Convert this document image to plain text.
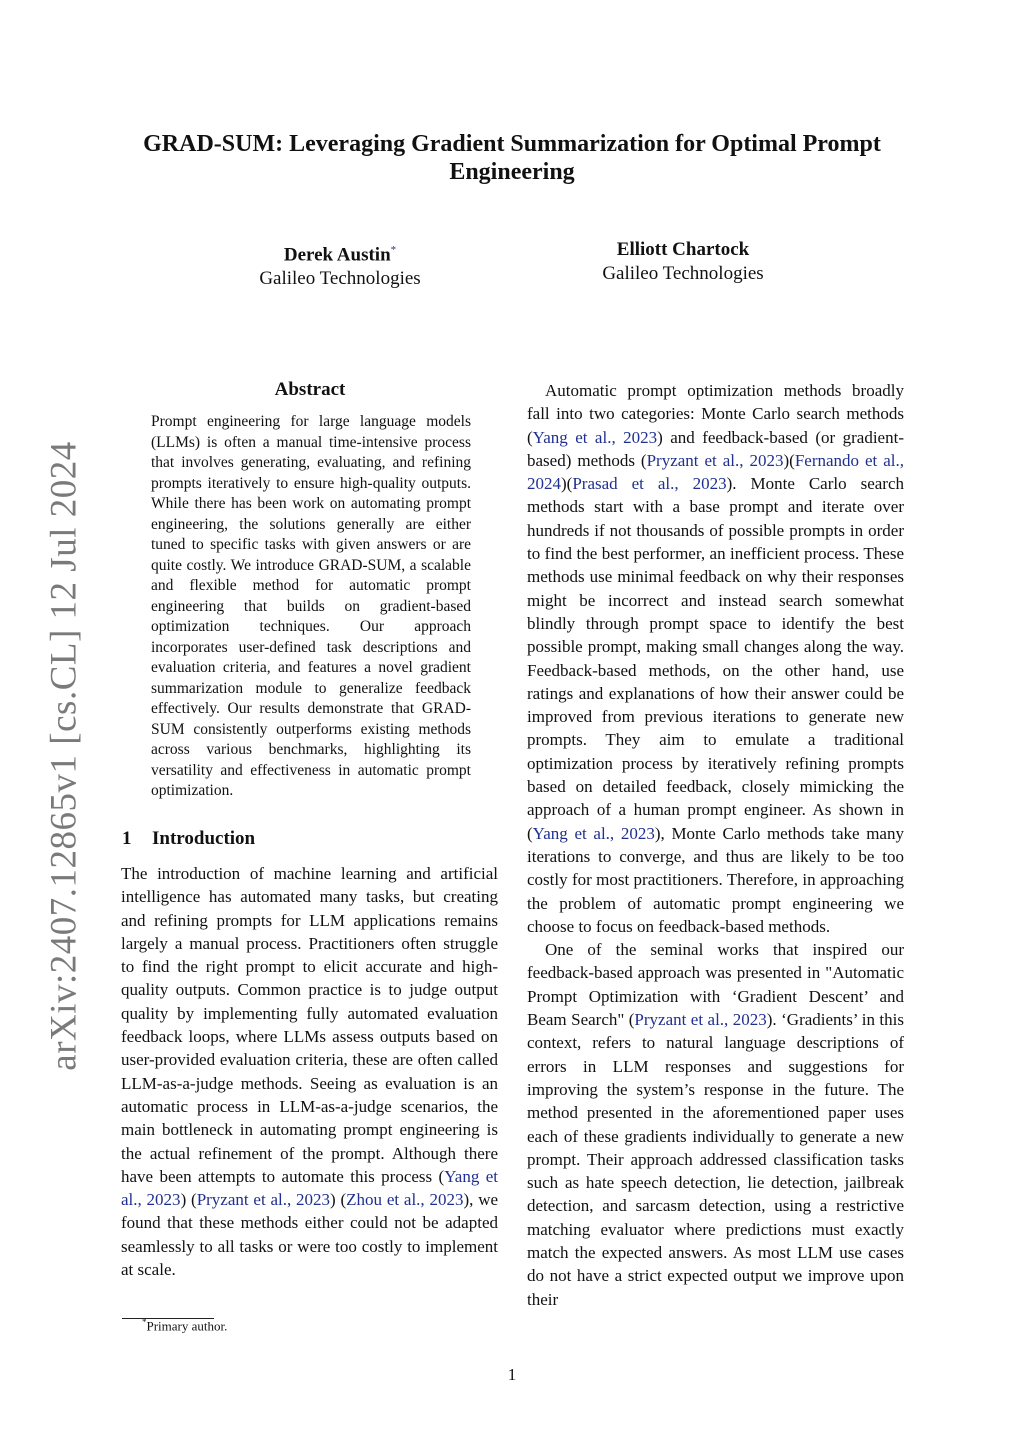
arXiv:2407.12865v1 [cs.CL] 12 Jul 2024
GRAD-SUM: Leveraging Gradient Summarization for Optimal Prompt Engineering
Derek Austin*
Galileo Technologies
Elliott Chartock
Galileo Technologies
Abstract

Prompt engineering for large language models (LLMs) is often a manual time-intensive process that involves generating, evaluating, and refining prompts iteratively to ensure high-quality outputs. While there has been work on automating prompt engineering, the solutions generally are either tuned to specific tasks with given answers or are quite costly. We introduce GRAD-SUM, a scalable and flexible method for automatic prompt engineering that builds on gradient-based optimization techniques. Our approach incorporates user-defined task descriptions and evaluation criteria, and features a novel gradient summarization module to generalize feedback effectively. Our results demonstrate that GRAD-SUM consistently outperforms existing methods across various benchmarks, highlighting its versatility and effectiveness in automatic prompt optimization.

1 Introduction

The introduction of machine learning and artificial intelligence has automated many tasks, but creating and refining prompts for LLM applications remains largely a manual process. Practitioners often struggle to find the right prompt to elicit accurate and high-quality outputs. Common practice is to judge output quality by implementing fully automated evaluation feedback loops, where LLMs assess outputs based on user-provided evaluation criteria, these are often called LLM-as-a-judge methods. Seeing as evaluation is an automatic process in LLM-as-a-judge scenarios, the main bottleneck in automating prompt engineering is the actual refinement of the prompt. Although there have been attempts to automate this process (Yang et al., 2023) (Pryzant et al., 2023) (Zhou et al., 2023), we found that these methods either could not be adapted seamlessly to all tasks or were too costly to implement at scale.

*Primary author.

Automatic prompt optimization methods broadly fall into two categories: Monte Carlo search methods (Yang et al., 2023) and feedback-based (or gradient-based) methods (Pryzant et al., 2023)(Fernando et al., 2024)(Prasad et al., 2023). Monte Carlo search methods start with a base prompt and iterate over hundreds if not thousands of possible prompts in order to find the best performer, an inefficient process. These methods use minimal feedback on why their responses might be incorrect and instead search somewhat blindly through prompt space to identify the best possible prompt, making small changes along the way. Feedback-based methods, on the other hand, use ratings and explanations of how their answer could be improved from previous iterations to generate new prompts. They aim to emulate a traditional optimization process by iteratively refining prompts based on detailed feedback, closely mimicking the approach of a human prompt engineer. As shown in (Yang et al., 2023), Monte Carlo methods take many iterations to converge, and thus are likely to be too costly for most practitioners. Therefore, in approaching the problem of automatic prompt engineering we choose to focus on feedback-based methods.

One of the seminal works that inspired our feedback-based approach was presented in "Automatic Prompt Optimization with ‘Gradient Descent’ and Beam Search" (Pryzant et al., 2023). ‘Gradients’ in this context, refers to natural language descriptions of errors in LLM responses and suggestions for improving the system’s response in the future. The method presented in the aforementioned paper uses each of these gradients individually to generate a new prompt. Their approach addressed classification tasks such as hate speech detection, lie detection, jailbreak detection, and sarcasm detection, using a restrictive matching evaluator where predictions must exactly match the expected answers. As most LLM use cases do not have a strict expected output we improve upon their

1
